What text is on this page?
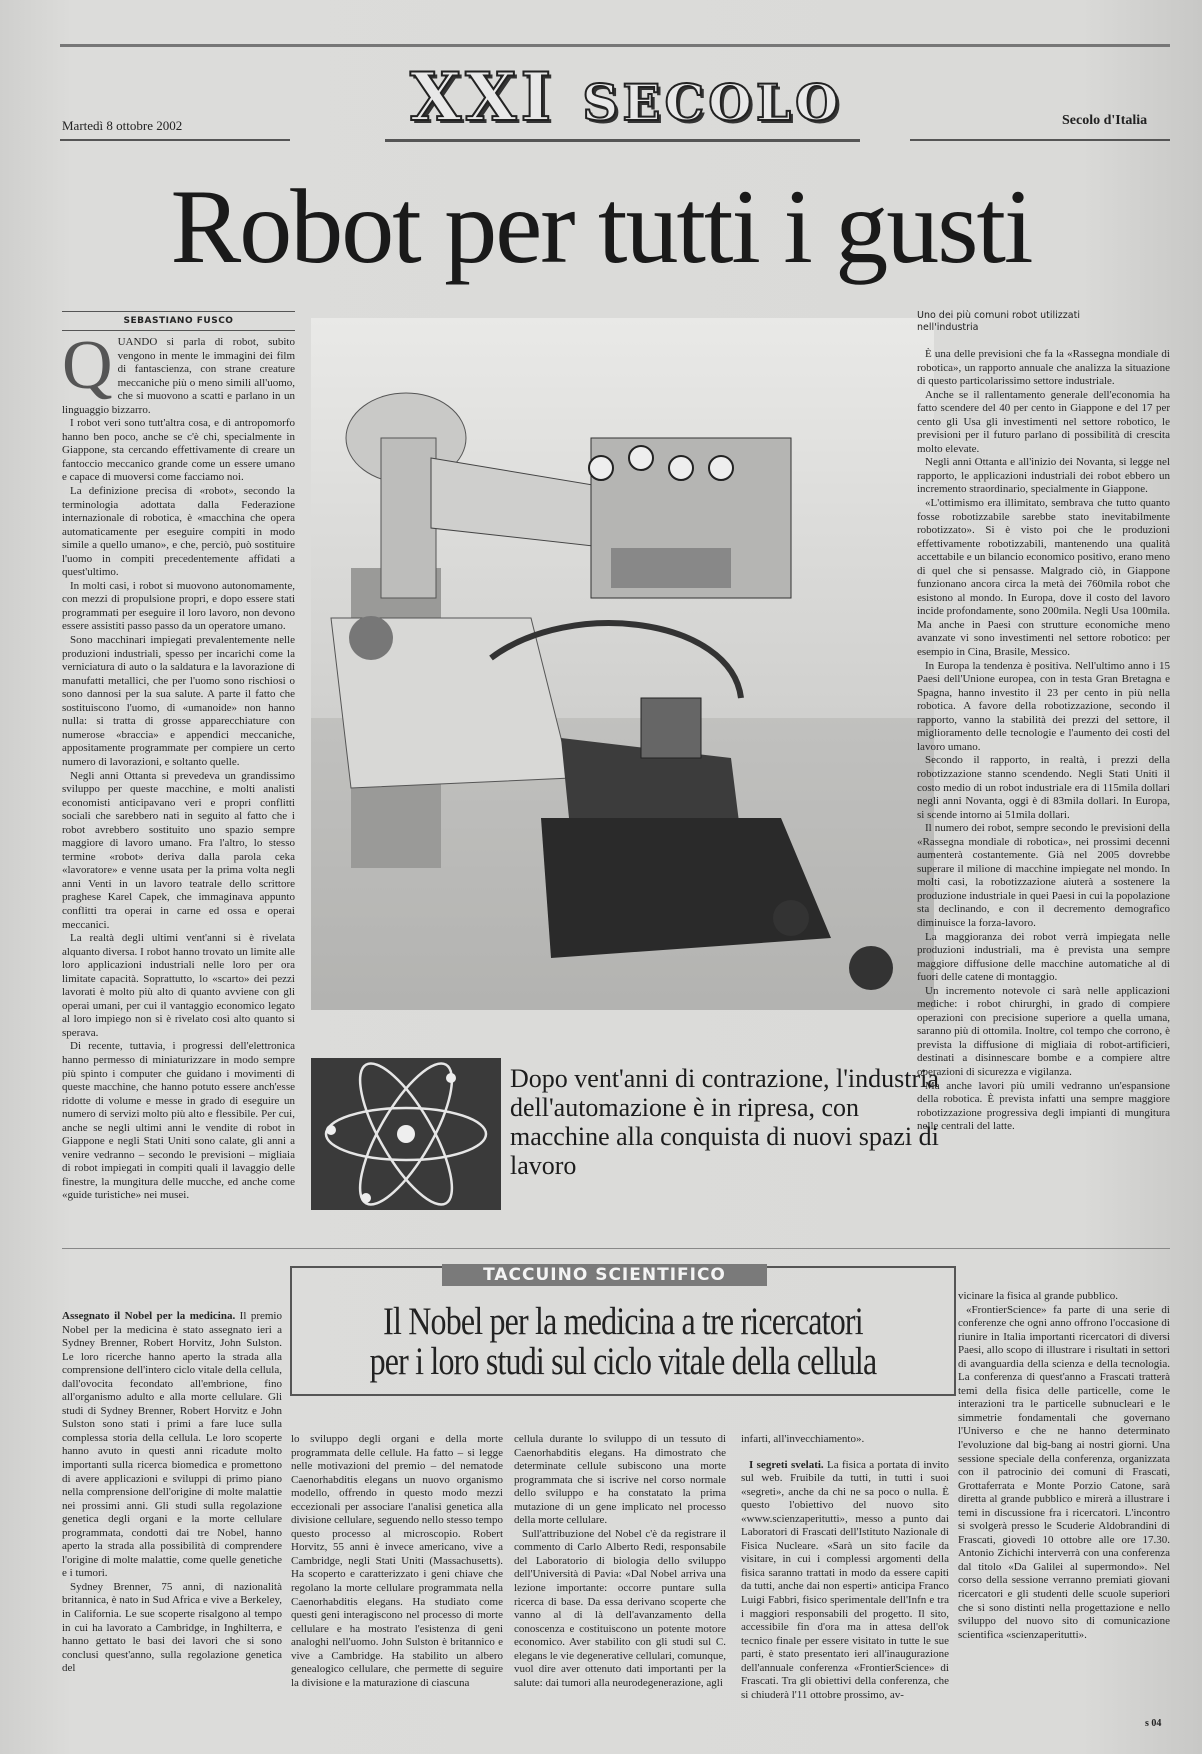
XXI SECOLO
Martedì 8 ottobre 2002	Secolo d'Italia
Robot per tutti i gusti
SEBASTIANO FUSCO
Q UANDO si parla di robot, subito vengono in mente le immagini dei film di fantascienza, con strane creature meccaniche più o meno simili all'uomo, che si muovono a scatti e parlano in un linguaggio bizzarro.

I robot veri sono tutt'altra cosa, e di antropomorfo hanno ben poco, anche se c'è chi, specialmente in Giappone, sta cercando effettivamente di creare un fantoccio meccanico grande come un essere umano e capace di muoversi come facciamo noi.

La definizione precisa di «robot», secondo la terminologia adottata dalla Federazione internazionale di robotica, è «macchina che opera automaticamente per eseguire compiti in modo simile a quello umano», e che, perciò, può sostituire l'uomo in compiti precedentemente affidati a quest'ultimo.

In molti casi, i robot si muovono autonomamente, con mezzi di propulsione propri, e dopo essere stati programmati per eseguire il loro lavoro, non devono essere assistiti passo passo da un operatore umano.

Sono macchinari impiegati prevalentemente nelle produzioni industriali, spesso per incarichi come la verniciatura di auto o la saldatura e la lavorazione di manufatti metallici, che per l'uomo sono rischiosi o sono dannosi per la sua salute. A parte il fatto che sostituiscono l'uomo, di «umanoide» non hanno nulla: si tratta di grosse apparecchiature con numerose «braccia» e appendici meccaniche, appositamente programmate per compiere un certo numero di lavorazioni, e soltanto quelle.

Negli anni Ottanta si prevedeva un grandissimo sviluppo per queste macchine, e molti analisti economisti anticipavano veri e propri conflitti sociali che sarebbero nati in seguito al fatto che i robot avrebbero sostituito uno spazio sempre maggiore di lavoro umano. Fra l'altro, lo stesso termine «robot» deriva dalla parola ceka «lavoratore» e venne usata per la prima volta negli anni Venti in un lavoro teatrale dello scrittore praghese Karel Capek, che immaginava appunto conflitti tra operai in carne ed ossa e operai meccanici.

La realtà degli ultimi vent'anni si è rivelata alquanto diversa. I robot hanno trovato un limite alle loro applicazioni industriali nelle loro per ora limitate capacità. Soprattutto, lo «scarto» dei pezzi lavorati è molto più alto di quanto avviene con gli operai umani, per cui il vantaggio economico legato al loro impiego non si è rivelato così alto quanto si sperava.

Di recente, tuttavia, i progressi dell'elettronica hanno permesso di miniaturizzare in modo sempre più spinto i computer che guidano i movimenti di queste macchine, che hanno potuto essere anch'esse ridotte di volume e messe in grado di eseguire un numero di servizi molto più alto e flessibile. Per cui, anche se negli ultimi anni le vendite di robot in Giappone e negli Stati Uniti sono calate, gli anni a venire vedranno – secondo le previsioni – migliaia di robot impiegati in compiti quali il lavaggio delle finestre, la mungitura delle mucche, ed anche come «guide turistiche» nei musei.

Uno dei più comuni robot utilizzati nell'industria

È una delle previsioni che fa la «Rassegna mondiale di robotica», un rapporto annuale che analizza la situazione di questo particolarissimo settore industriale.

Anche se il rallentamento generale dell'economia ha fatto scendere del 40 per cento in Giappone e del 17 per cento gli Usa gli investimenti nel settore robotico, le previsioni per il futuro parlano di possibilità di crescita molto elevate.

Negli anni Ottanta e all'inizio dei Novanta, si legge nel rapporto, le applicazioni industriali dei robot ebbero un incremento straordinario, specialmente in Giappone.

«L'ottimismo era illimitato, sembrava che tutto quanto fosse robotizzabile sarebbe stato inevitabilmente robotizzato». Si è visto poi che le produzioni effettivamente robotizzabili, mantenendo una qualità accettabile e un bilancio economico positivo, erano meno di quel che si pensasse. Malgrado ciò, in Giappone funzionano ancora circa la metà dei 760mila robot che esistono al mondo. In Europa, dove il costo del lavoro incide profondamente, sono 200mila. Negli Usa 100mila. Ma anche in Paesi con strutture economiche meno avanzate vi sono investimenti nel settore robotico: per esempio in Cina, Brasile, Messico.

In Europa la tendenza è positiva. Nell'ultimo anno i 15 Paesi dell'Unione europea, con in testa Gran Bretagna e Spagna, hanno investito il 23 per cento in più nella robotica. A favore della robotizzazione, secondo il rapporto, vanno la stabilità dei prezzi del settore, il miglioramento delle tecnologie e l'aumento dei costi del lavoro umano.

Secondo il rapporto, in realtà, i prezzi della robotizzazione stanno scendendo. Negli Stati Uniti il costo medio di un robot industriale era di 115mila dollari negli anni Novanta, oggi è di 83mila dollari. In Europa, si scende intorno ai 51mila dollari.

Il numero dei robot, sempre secondo le previsioni della «Rassegna mondiale di robotica», nei prossimi decenni aumenterà costantemente. Già nel 2005 dovrebbe superare il milione di macchine impiegate nel mondo. In molti casi, la robotizzazione aiuterà a sostenere la produzione industriale in quei Paesi in cui la popolazione sta declinando, e con il decremento demografico diminuisce la forza-lavoro.

La maggioranza dei robot verrà impiegata nelle produzioni industriali, ma è prevista una sempre maggiore diffusione delle macchine automatiche al di fuori delle catene di montaggio.

Un incremento notevole ci sarà nelle applicazioni mediche: i robot chirurghi, in grado di compiere operazioni con precisione superiore a quella umana, saranno più di ottomila. Inoltre, col tempo che corrono, è prevista la diffusione di migliaia di robot-artificieri, destinati a disinnescare bombe e a compiere altre operazioni di sicurezza e vigilanza.

Ma anche lavori più umili vedranno un'espansione della robotica. È prevista infatti una sempre maggiore robotizzazione progressiva degli impianti di mungitura nelle centrali del latte.

Dopo vent'anni di contrazione, l'industria dell'automazione è in ripresa, con macchine alla conquista di nuovi spazi di lavoro
TACCUINO SCIENTIFICO
Il Nobel per la medicina a tre ricercatori
per i loro studi sul ciclo vitale della cellula

Assegnato il Nobel per la medicina. Il premio Nobel per la medicina è stato assegnato ieri a Sydney Brenner, Robert Horvitz, John Sulston. Le loro ricerche hanno aperto la strada alla comprensione dell'intero ciclo vitale della cellula, dall'ovocita fecondato all'embrione, fino all'organismo adulto e alla morte cellulare. Gli studi di Sydney Brenner, Robert Horvitz e John Sulston sono stati i primi a fare luce sulla complessa storia della cellula. Le loro scoperte hanno avuto in questi anni ricadute molto importanti sulla ricerca biomedica e promettono di avere applicazioni e sviluppi di primo piano nella comprensione dell'origine di molte malattie nei prossimi anni. Gli studi sulla regolazione genetica degli organi e la morte cellulare programmata, condotti dai tre Nobel, hanno aperto la strada alla possibilità di comprendere l'origine di molte malattie, come quelle genetiche e i tumori.

Sydney Brenner, 75 anni, di nazionalità britannica, è nato in Sud Africa e vive a Berkeley, in California. Le sue scoperte risalgono al tempo in cui ha lavorato a Cambridge, in Inghilterra, e hanno gettato le basi dei lavori che si sono conclusi quest'anno, sulla regolazione genetica del

lo sviluppo degli organi e della morte programmata delle cellule. Ha fatto – si legge nelle motivazioni del premio – del nematode Caenorhabditis elegans un nuovo organismo modello, offrendo in questo modo mezzi eccezionali per associare l'analisi genetica alla divisione cellulare, seguendo nello stesso tempo questo processo al microscopio. Robert Horvitz, 55 anni è invece americano, vive a Cambridge, negli Stati Uniti (Massachusetts). Ha scoperto e caratterizzato i geni chiave che regolano la morte cellulare programmata nella Caenorhabditis elegans. Ha studiato come questi geni interagiscono nel processo di morte cellulare e ha mostrato l'esistenza di geni analoghi nell'uomo. John Sulston è britannico e vive a Cambridge. Ha stabilito un albero genealogico cellulare, che permette di seguire la divisione e la maturazione di ciascuna

cellula durante lo sviluppo di un tessuto di Caenorhabditis elegans. Ha dimostrato che determinate cellule subiscono una morte programmata che si iscrive nel corso normale dello sviluppo e ha constatato la prima mutazione di un gene implicato nel processo della morte cellulare.

Sull'attribuzione del Nobel c'è da registrare il commento di Carlo Alberto Redi, responsabile del Laboratorio di biologia dello sviluppo dell'Università di Pavia: «Dal Nobel arriva una lezione importante: occorre puntare sulla ricerca di base. Da essa derivano scoperte che vanno al di là dell'avanzamento della conoscenza e costituiscono un potente motore economico. Aver stabilito con gli studi sul C. elegans le vie degenerative cellulari, comunque, vuol dire aver ottenuto dati importanti per la salute: dai tumori alla neurodegenerazione, agli

infarti, all'invecchiamento».

I segreti svelati. La fisica a portata di invito sul web. Fruibile da tutti, in tutti i suoi «segreti», anche da chi ne sa poco o nulla. È questo l'obiettivo del nuovo sito «www.scienzaperitutti», messo a punto dai Laboratori di Frascati dell'Istituto Nazionale di Fisica Nucleare. «Sarà un sito facile da visitare, in cui i complessi argomenti della fisica saranno trattati in modo da essere capiti da tutti, anche dai non esperti» anticipa Franco Luigi Fabbri, fisico sperimentale dell'Infn e tra i maggiori responsabili del progetto. Il sito, accessibile fin d'ora ma in attesa dell'ok tecnico finale per essere visitato in tutte le sue parti, è stato presentato ieri all'inaugurazione dell'annuale conferenza «FrontierScience» di Frascati. Tra gli obiettivi della conferenza, che si chiuderà l'11 ottobre prossimo, av-

vicinare la fisica al grande pubblico.

«FrontierScience» fa parte di una serie di conferenze che ogni anno offrono l'occasione di riunire in Italia importanti ricercatori di diversi Paesi, allo scopo di illustrare i risultati in settori di avanguardia della scienza e della tecnologia. La conferenza di quest'anno a Frascati tratterà temi della fisica delle particelle, come le interazioni tra le particelle subnucleari e le simmetrie fondamentali che governano l'Universo e che ne hanno determinato l'evoluzione dal big-bang ai nostri giorni. Una sessione speciale della conferenza, organizzata con il patrocinio dei comuni di Frascati, Grottaferrata e Monte Porzio Catone, sarà diretta al grande pubblico e mirerà a illustrare i temi in discussione fra i ricercatori. L'incontro si svolgerà presso le Scuderie Aldobrandini di Frascati, giovedì 10 ottobre alle ore 17.30. Antonio Zichichi interverrà con una conferenza dal titolo «Da Galilei al supermondo». Nel corso della sessione verranno premiati giovani ricercatori e gli studenti delle scuole superiori che si sono distinti nella progettazione e nello sviluppo del nuovo sito di comunicazione scientifica «scienzaperitutti».

s 04
